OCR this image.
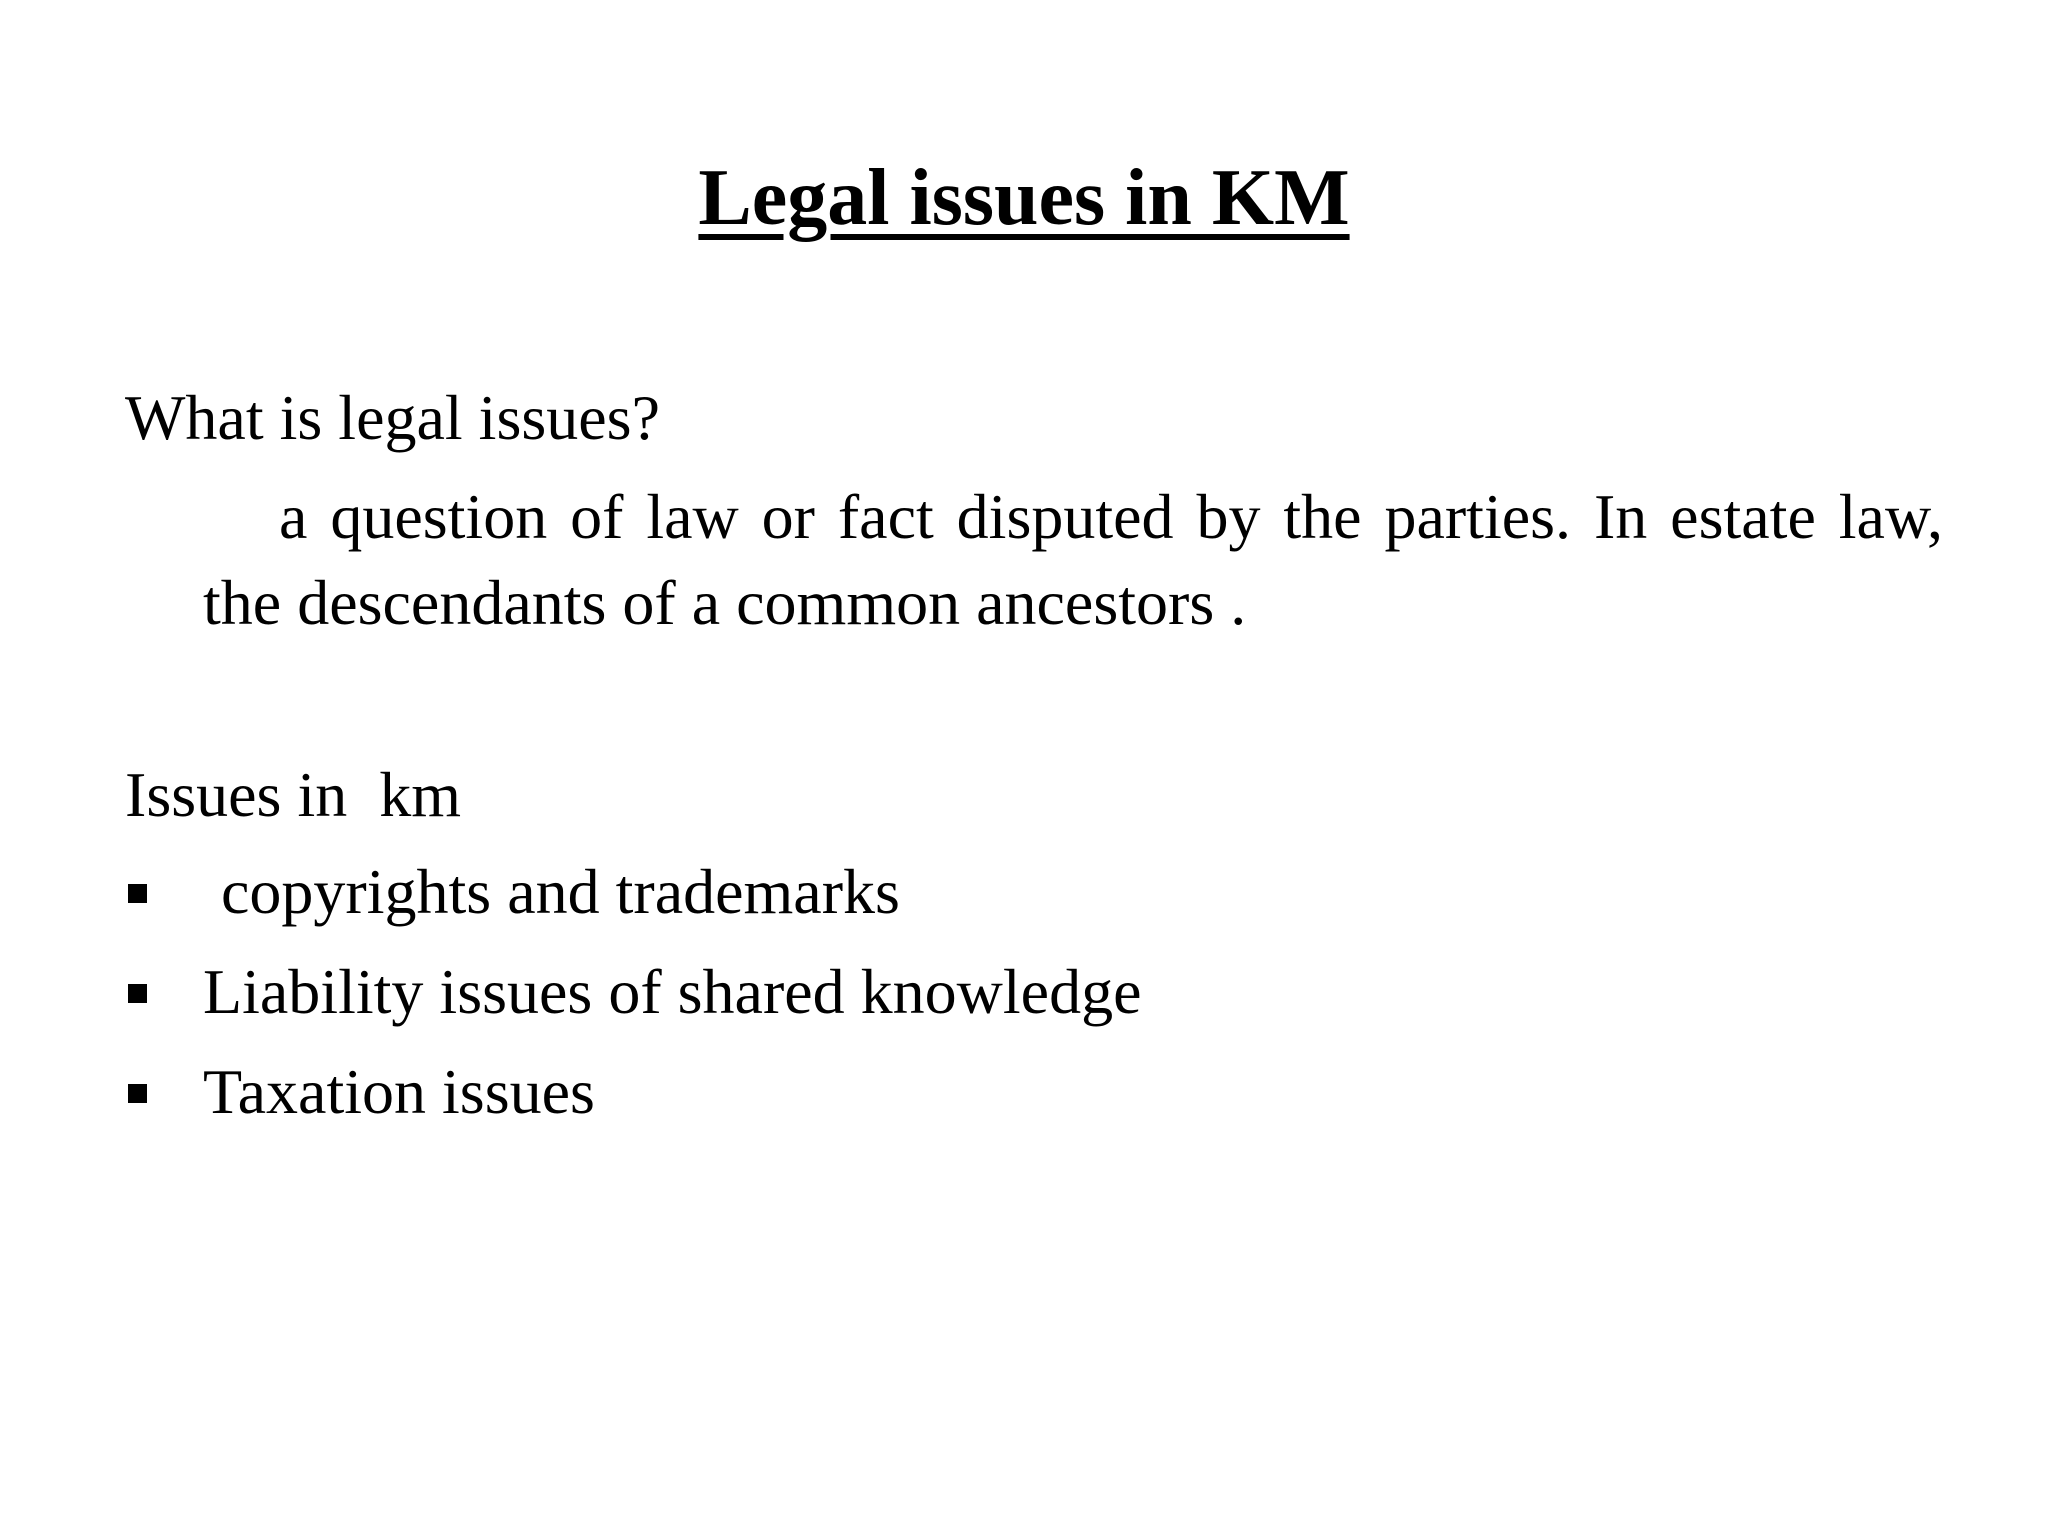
Legal issues in KM

What is legal issues?

a question of law or fact disputed by the parties. In estate law, the descendants of a common ancestors .

Issues in  km

copyrights and trademarks
Liability issues of shared knowledge
Taxation issues
